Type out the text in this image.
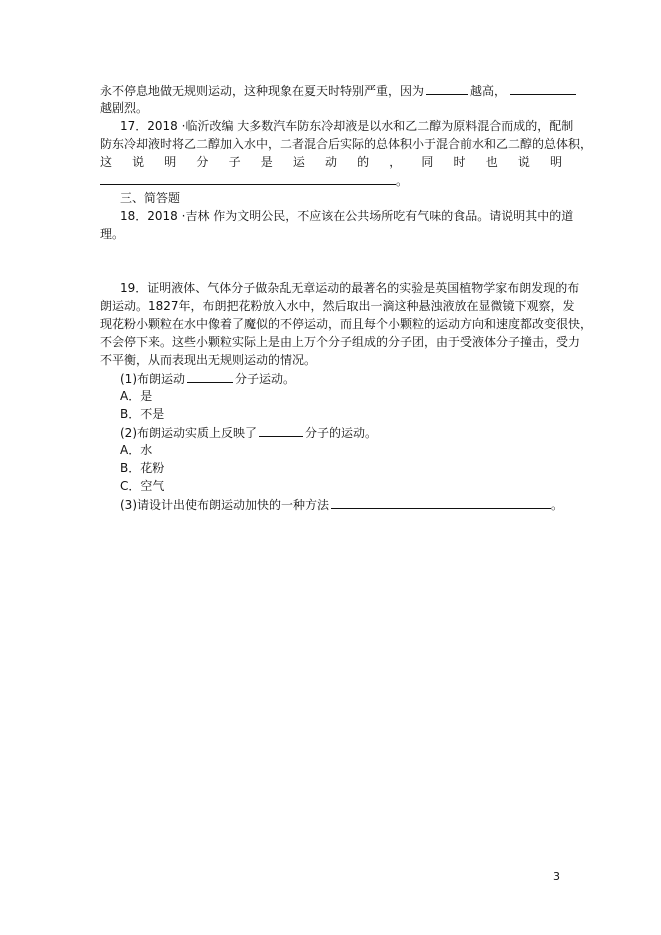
永不停息地做无规则运动，这种现象在夏天时特别严重，因为	越高，
越剧烈。
17．2018 ·临沂改编 大多数汽车防东冷却液是以水和乙二醇为原料混合而成的，配制
防东冷却液时将乙二醇加入水中，二者混合后实际的总体积小于混合前水和乙二醇的总体积，
这 说 明 分 子 是 运 动 的 ， 同 时 也 说 明
。
三、简答题
18．2018 ·吉林 作为文明公民，不应该在公共场所吃有气味的食品。请说明其中的道
理。
19．证明液体、气体分子做杂乱无章运动的最著名的实验是英国植物学家布朗发现的布
朗运动。1827年，布朗把花粉放入水中，然后取出一滴这种悬浊液放在显微镜下观察，发
现花粉小颗粒在水中像着了魔似的不停运动，而且每个小颗粒的运动方向和速度都改变很快，
不会停下来。这些小颗粒实际上是由上万个分子组成的分子团，由于受液体分子撞击，受力
不平衡，从而表现出无规则运动的情况。
(1)布朗运动	分子运动。
A．是
B．不是
(2)布朗运动实质上反映了	分子的运动。
A．水
B．花粉
C．空气
(3)请设计出使布朗运动加快的一种方法	。
3
